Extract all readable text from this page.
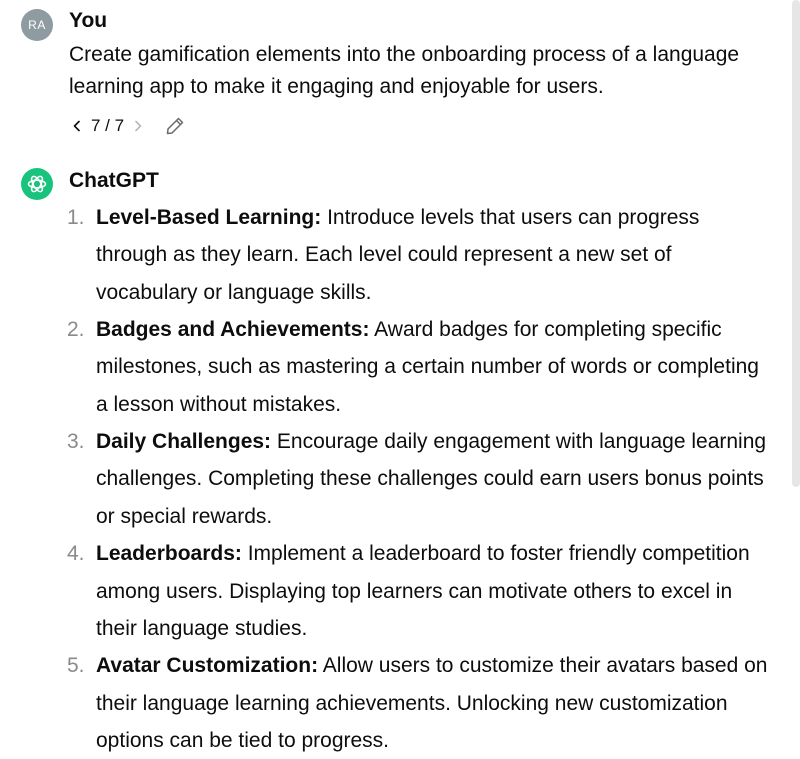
RA You
Create gamification elements into the onboarding process of a language learning app to make it engaging and enjoyable for users.
7 / 7
ChatGPT
1. Level-Based Learning: Introduce levels that users can progress through as they learn. Each level could represent a new set of vocabulary or language skills.
2. Badges and Achievements: Award badges for completing specific milestones, such as mastering a certain number of words or completing a lesson without mistakes.
3. Daily Challenges: Encourage daily engagement with language learning challenges. Completing these challenges could earn users bonus points or special rewards.
4. Leaderboards: Implement a leaderboard to foster friendly competition among users. Displaying top learners can motivate others to excel in their language studies.
5. Avatar Customization: Allow users to customize their avatars based on their language learning achievements. Unlocking new customization options can be tied to progress.
